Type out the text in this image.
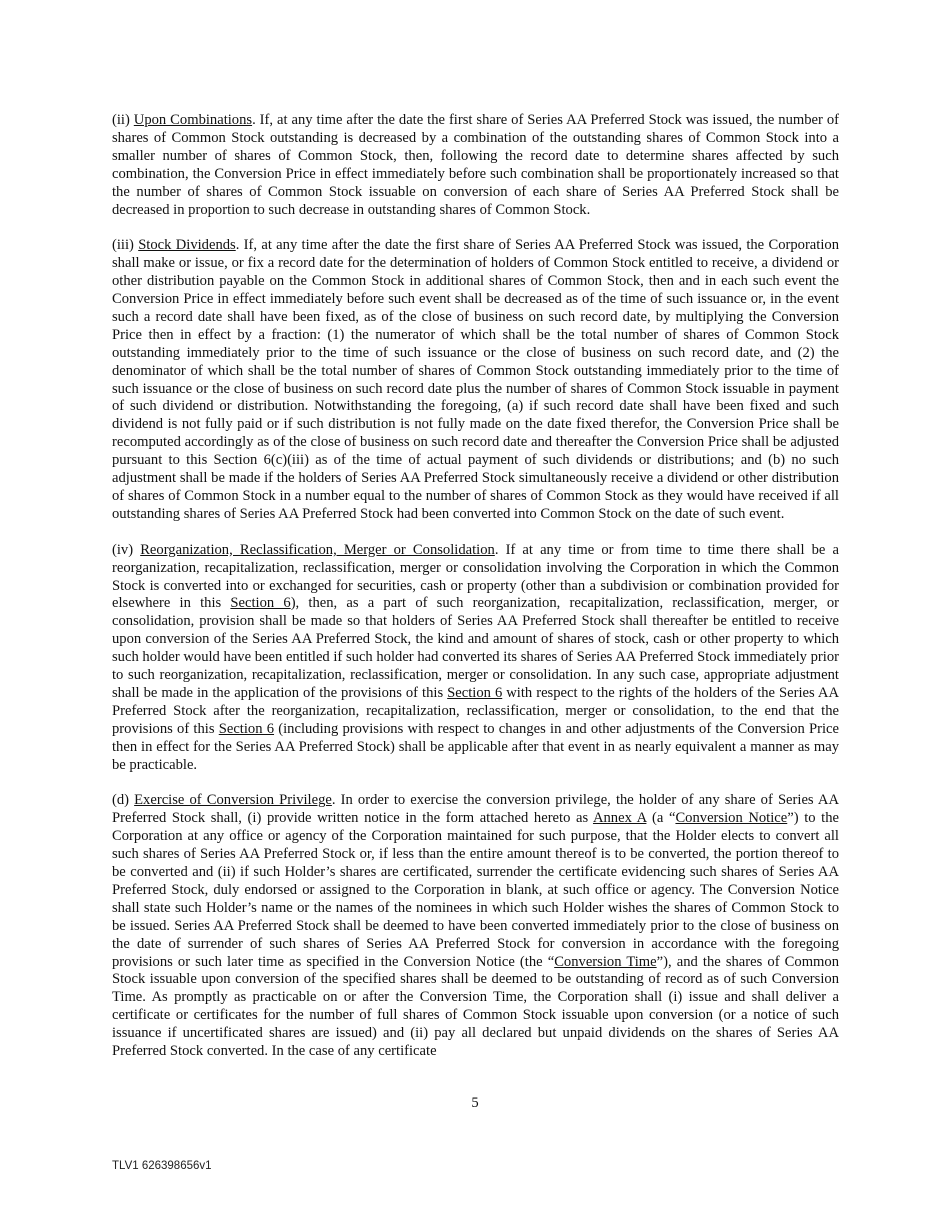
(ii) Upon Combinations. If, at any time after the date the first share of Series AA Preferred Stock was issued, the number of shares of Common Stock outstanding is decreased by a combination of the outstanding shares of Common Stock into a smaller number of shares of Common Stock, then, following the record date to determine shares affected by such combination, the Conversion Price in effect immediately before such combination shall be proportionately increased so that the number of shares of Common Stock issuable on conversion of each share of Series AA Preferred Stock shall be decreased in proportion to such decrease in outstanding shares of Common Stock.

(iii) Stock Dividends. If, at any time after the date the first share of Series AA Preferred Stock was issued, the Corporation shall make or issue, or fix a record date for the determination of holders of Common Stock entitled to receive, a dividend or other distribution payable on the Common Stock in additional shares of Common Stock, then and in each such event the Conversion Price in effect immediately before such event shall be decreased as of the time of such issuance or, in the event such a record date shall have been fixed, as of the close of business on such record date, by multiplying the Conversion Price then in effect by a fraction: (1) the numerator of which shall be the total number of shares of Common Stock outstanding immediately prior to the time of such issuance or the close of business on such record date, and (2) the denominator of which shall be the total number of shares of Common Stock outstanding immediately prior to the time of such issuance or the close of business on such record date plus the number of shares of Common Stock issuable in payment of such dividend or distribution. Notwithstanding the foregoing, (a) if such record date shall have been fixed and such dividend is not fully paid or if such distribution is not fully made on the date fixed therefor, the Conversion Price shall be recomputed accordingly as of the close of business on such record date and thereafter the Conversion Price shall be adjusted pursuant to this Section 6(c)(iii) as of the time of actual payment of such dividends or distributions; and (b) no such adjustment shall be made if the holders of Series AA Preferred Stock simultaneously receive a dividend or other distribution of shares of Common Stock in a number equal to the number of shares of Common Stock as they would have received if all outstanding shares of Series AA Preferred Stock had been converted into Common Stock on the date of such event.

(iv) Reorganization, Reclassification, Merger or Consolidation. If at any time or from time to time there shall be a reorganization, recapitalization, reclassification, merger or consolidation involving the Corporation in which the Common Stock is converted into or exchanged for securities, cash or property (other than a subdivision or combination provided for elsewhere in this Section 6), then, as a part of such reorganization, recapitalization, reclassification, merger, or consolidation, provision shall be made so that holders of Series AA Preferred Stock shall thereafter be entitled to receive upon conversion of the Series AA Preferred Stock, the kind and amount of shares of stock, cash or other property to which such holder would have been entitled if such holder had converted its shares of Series AA Preferred Stock immediately prior to such reorganization, recapitalization, reclassification, merger or consolidation. In any such case, appropriate adjustment shall be made in the application of the provisions of this Section 6 with respect to the rights of the holders of the Series AA Preferred Stock after the reorganization, recapitalization, reclassification, merger or consolidation, to the end that the provisions of this Section 6 (including provisions with respect to changes in and other adjustments of the Conversion Price then in effect for the Series AA Preferred Stock) shall be applicable after that event in as nearly equivalent a manner as may be practicable.

(d) Exercise of Conversion Privilege. In order to exercise the conversion privilege, the holder of any share of Series AA Preferred Stock shall, (i) provide written notice in the form attached hereto as Annex A (a “Conversion Notice”) to the Corporation at any office or agency of the Corporation maintained for such purpose, that the Holder elects to convert all such shares of Series AA Preferred Stock or, if less than the entire amount thereof is to be converted, the portion thereof to be converted and (ii) if such Holder’s shares are certificated, surrender the certificate evidencing such shares of Series AA Preferred Stock, duly endorsed or assigned to the Corporation in blank, at such office or agency. The Conversion Notice shall state such Holder’s name or the names of the nominees in which such Holder wishes the shares of Common Stock to be issued. Series AA Preferred Stock shall be deemed to have been converted immediately prior to the close of business on the date of surrender of such shares of Series AA Preferred Stock for conversion in accordance with the foregoing provisions or such later time as specified in the Conversion Notice (the “Conversion Time”), and the shares of Common Stock issuable upon conversion of the specified shares shall be deemed to be outstanding of record as of such Conversion Time. As promptly as practicable on or after the Conversion Time, the Corporation shall (i) issue and shall deliver a certificate or certificates for the number of full shares of Common Stock issuable upon conversion (or a notice of such issuance if uncertificated shares are issued) and (ii) pay all declared but unpaid dividends on the shares of Series AA Preferred Stock converted. In the case of any certificate

5
TLV1 626398656v1
